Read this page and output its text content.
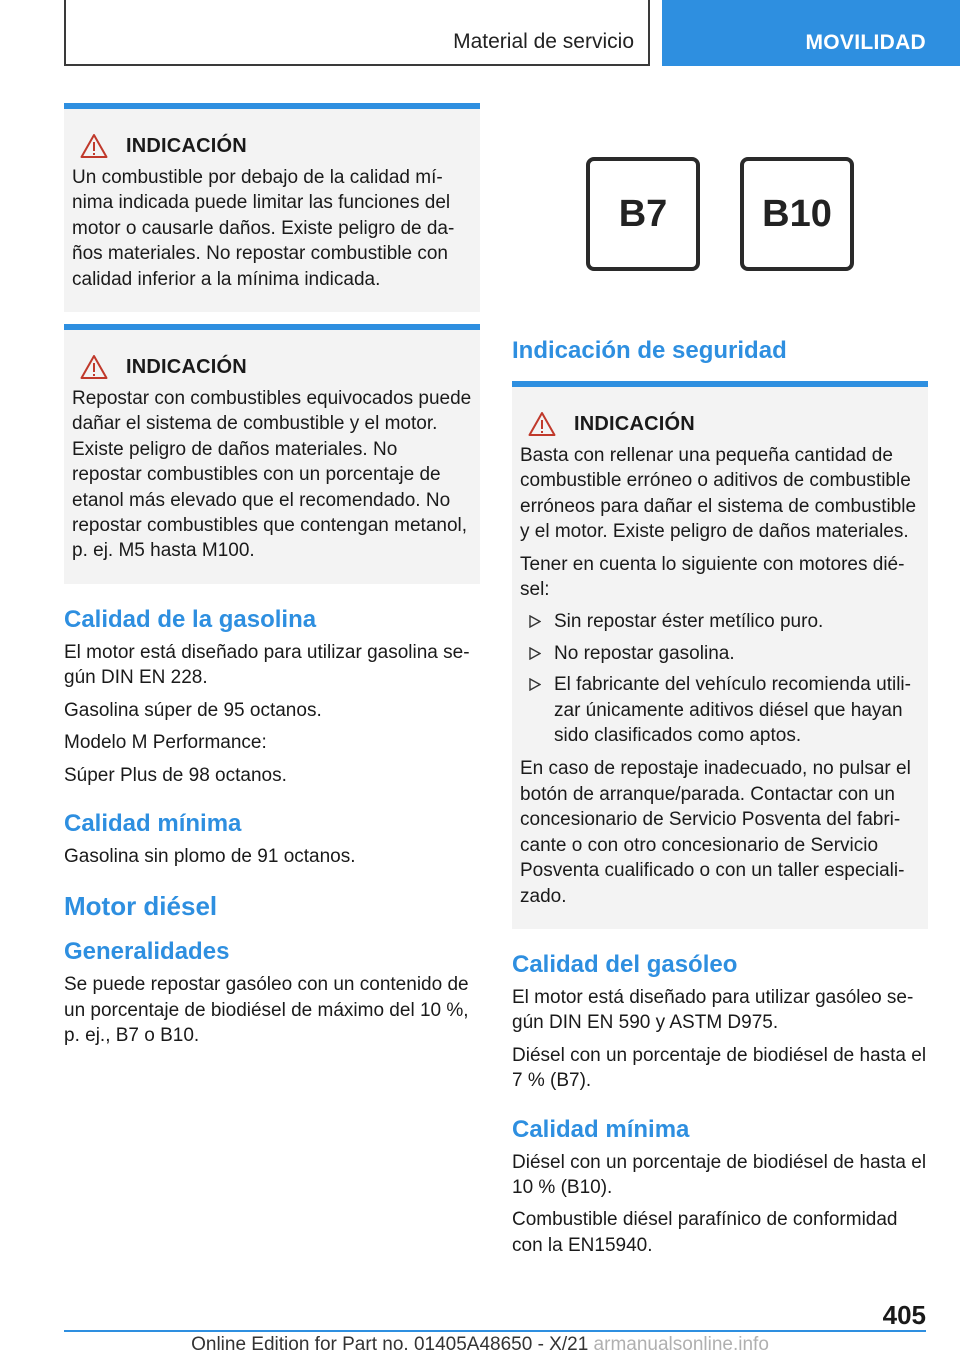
Material de servicio	MOVILIDAD
INDICACIÓN
Un combustible por debajo de la calidad mí-nima indicada puede limitar las funciones del motor o causarle daños. Existe peligro de da-ños materiales. No repostar combustible con calidad inferior a la mínima indicada.
INDICACIÓN
Repostar con combustibles equivocados puede dañar el sistema de combustible y el motor. Existe peligro de daños materiales. No repostar combustibles con un porcentaje de etanol más elevado que el recomendado. No repostar combustibles que contengan metanol, p. ej. M5 hasta M100.
Calidad de la gasolina
El motor está diseñado para utilizar gasolina se-gún DIN EN 228.
Gasolina súper de 95 octanos.
Modelo M Performance:
Súper Plus de 98 octanos.
Calidad mínima
Gasolina sin plomo de 91 octanos.
Motor diésel
Generalidades
Se puede repostar gasóleo con un contenido de un porcentaje de biodiésel de máximo del 10 %, p. ej., B7 o B10.
B7	B10
Indicación de seguridad
INDICACIÓN
Basta con rellenar una pequeña cantidad de combustible erróneo o aditivos de combustible erróneos para dañar el sistema de combustible y el motor. Existe peligro de daños materiales.
Tener en cuenta lo siguiente con motores dié-sel:
Sin repostar éster metílico puro.
No repostar gasolina.
El fabricante del vehículo recomienda utili-zar únicamente aditivos diésel que hayan sido clasificados como aptos.
En caso de repostaje inadecuado, no pulsar el botón de arranque/parada. Contactar con un concesionario de Servicio Posventa del fabri-cante o con otro concesionario de Servicio Posventa cualificado o con un taller especiali-zado.
Calidad del gasóleo
El motor está diseñado para utilizar gasóleo se-gún DIN EN 590 y ASTM D975.
Diésel con un porcentaje de biodiésel de hasta el 7 % (B7).
Calidad mínima
Diésel con un porcentaje de biodiésel de hasta el 10 % (B10).
Combustible diésel parafínico de conformidad con la EN15940.
405
Online Edition for Part no. 01405A48650 - X/21 armanualsonline.info
